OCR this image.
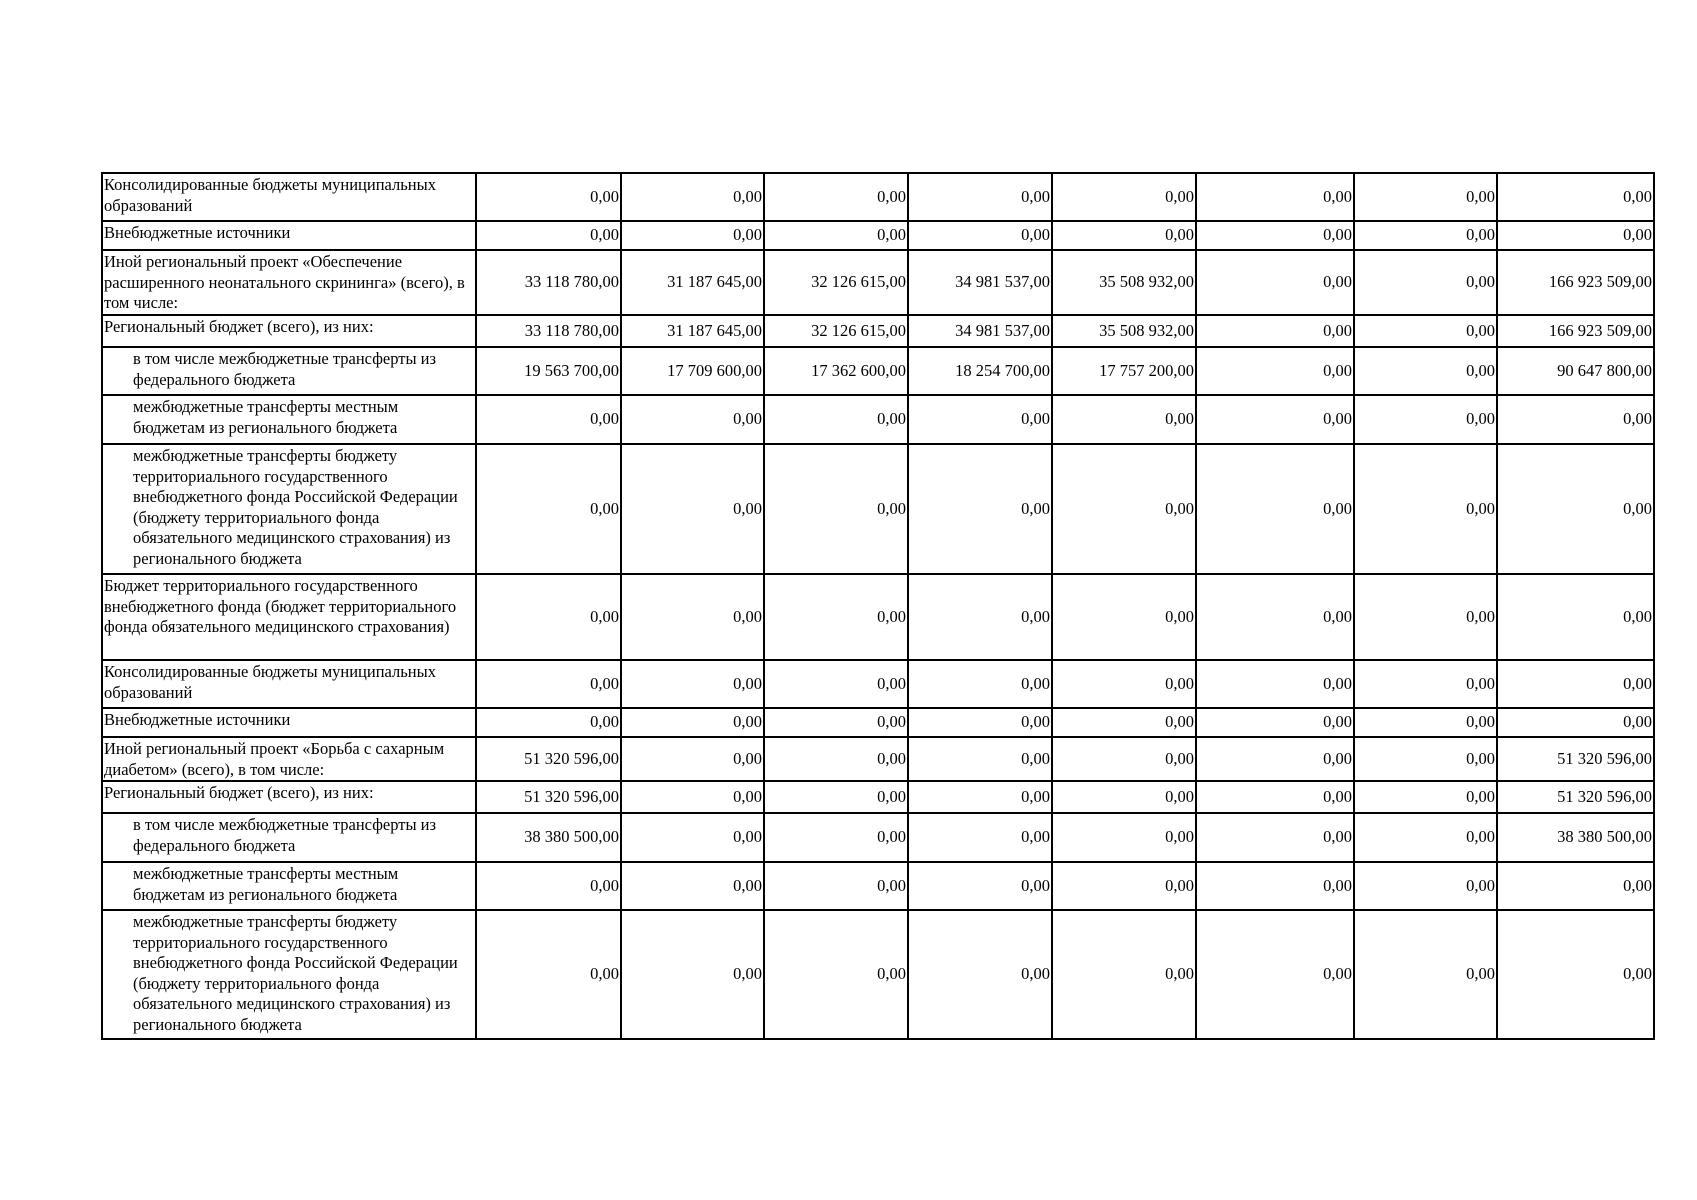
Консолидированные бюджеты муниципальных образований	0,00	0,00	0,00	0,00	0,00	0,00	0,00	0,00
Внебюджетные источники	0,00	0,00	0,00	0,00	0,00	0,00	0,00	0,00
Иной региональный проект «Обеспечение расширенного неонатального скрининга» (всего), в том числе:	33 118 780,00	31 187 645,00	32 126 615,00	34 981 537,00	35 508 932,00	0,00	0,00	166 923 509,00
Региональный бюджет (всего), из них:	33 118 780,00	31 187 645,00	32 126 615,00	34 981 537,00	35 508 932,00	0,00	0,00	166 923 509,00
в том числе межбюджетные трансферты из федерального бюджета	19 563 700,00	17 709 600,00	17 362 600,00	18 254 700,00	17 757 200,00	0,00	0,00	90 647 800,00
межбюджетные трансферты местным бюджетам из регионального бюджета	0,00	0,00	0,00	0,00	0,00	0,00	0,00	0,00
межбюджетные трансферты бюджету территориального государственного внебюджетного фонда Российской Федерации (бюджету территориального фонда обязательного медицинского страхования) из регионального бюджета	0,00	0,00	0,00	0,00	0,00	0,00	0,00	0,00
Бюджет территориального государственного внебюджетного фонда (бюджет территориального фонда обязательного медицинского страхования)	0,00	0,00	0,00	0,00	0,00	0,00	0,00	0,00
Консолидированные бюджеты муниципальных образований	0,00	0,00	0,00	0,00	0,00	0,00	0,00	0,00
Внебюджетные источники	0,00	0,00	0,00	0,00	0,00	0,00	0,00	0,00
Иной региональный проект «Борьба с сахарным диабетом» (всего), в том числе:	51 320 596,00	0,00	0,00	0,00	0,00	0,00	0,00	51 320 596,00
Региональный бюджет (всего), из них:	51 320 596,00	0,00	0,00	0,00	0,00	0,00	0,00	51 320 596,00
в том числе межбюджетные трансферты из федерального бюджета	38 380 500,00	0,00	0,00	0,00	0,00	0,00	0,00	38 380 500,00
межбюджетные трансферты местным бюджетам из регионального бюджета	0,00	0,00	0,00	0,00	0,00	0,00	0,00	0,00
межбюджетные трансферты бюджету территориального государственного внебюджетного фонда Российской Федерации (бюджету территориального фонда обязательного медицинского страхования) из регионального бюджета	0,00	0,00	0,00	0,00	0,00	0,00	0,00	0,00
